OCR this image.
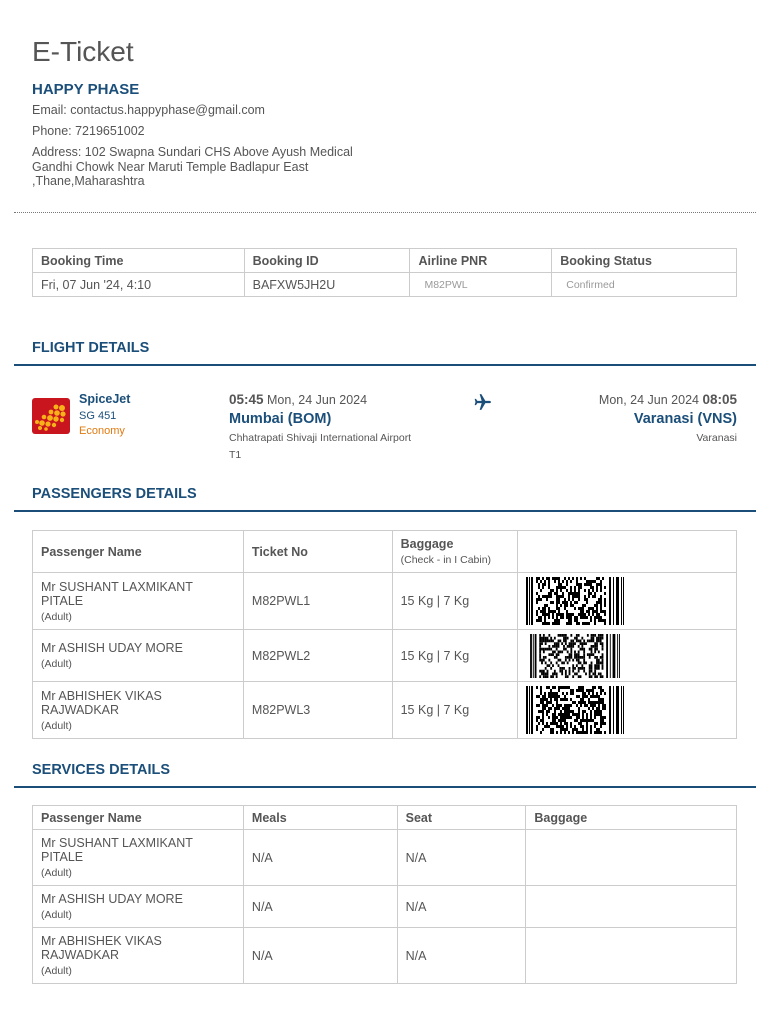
E-Ticket
HAPPY PHASE
Email: contactus.happyphase@gmail.com
Phone: 7219651002
Address: 102 Swapna Sundari CHS Above Ayush Medical Gandhi Chowk Near Maruti Temple Badlapur East ,Thane,Maharashtra
Booking Time	Booking ID	Airline PNR	Booking Status
Fri, 07 Jun '24, 4:10	BAFXW5JH2U	M82PWL	Confirmed
FLIGHT DETAILS
SpiceJet
SG 451
Economy
05:45 Mon, 24 Jun 2024
Mumbai (BOM)
Chhatrapati Shivaji International Airport
T1
Mon, 24 Jun 2024 08:05
Varanasi (VNS)
Varanasi
PASSENGERS DETAILS
Passenger Name	Ticket No	Baggage
(Check - in I Cabin)	

Mr SUSHANT LAXMIKANT PITALE
(Adult)	M82PWL1	15 Kg | 7 Kg	

Mr ASHISH UDAY MORE
(Adult)	M82PWL2	15 Kg | 7 Kg	

Mr ABHISHEK VIKAS RAJWADKAR
(Adult)	M82PWL3	15 Kg | 7 Kg	
SERVICES DETAILS
Passenger Name	Meals	Seat	Baggage

Mr SUSHANT LAXMIKANT PITALE
(Adult)	N/A	N/A	

Mr ASHISH UDAY MORE
(Adult)	N/A	N/A	

Mr ABHISHEK VIKAS RAJWADKAR
(Adult)	N/A	N/A	
